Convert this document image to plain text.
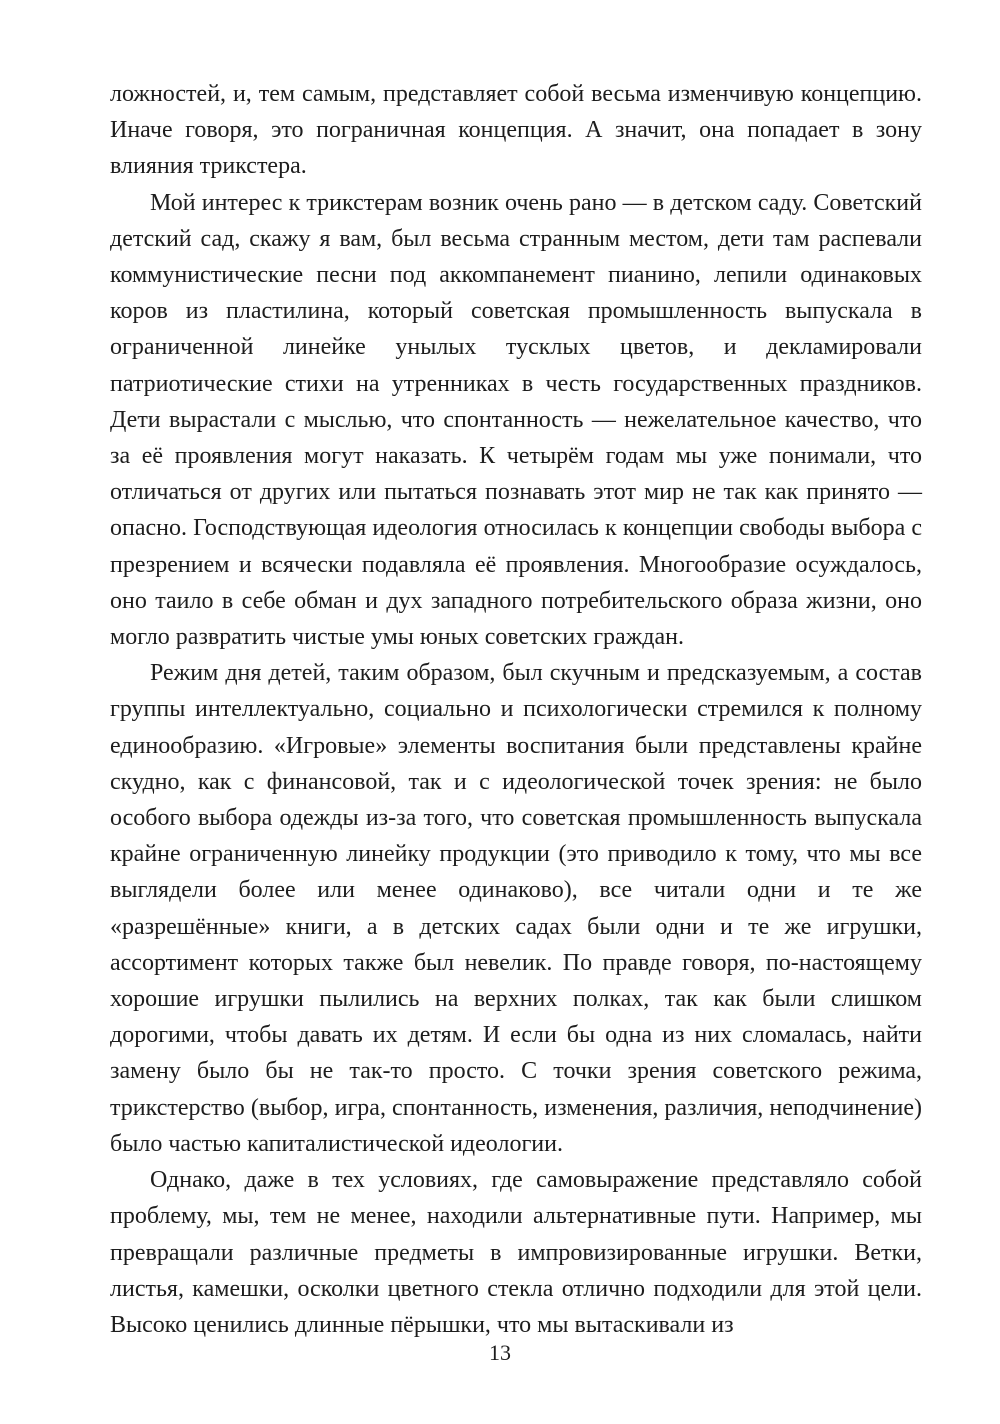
ложностей, и, тем самым, представляет собой весьма изменчивую концепцию. Иначе говоря, это пограничная концепция. А значит, она попадает в зону влияния трикстера.

Мой интерес к трикстерам возник очень рано — в детском саду. Советский детский сад, скажу я вам, был весьма странным местом, дети там распевали коммунистические песни под аккомпанемент пианино, лепили одинаковых коров из пластилина, который советская промышленность выпускала в ограниченной линейке унылых тусклых цветов, и декламировали патриотические стихи на утренниках в честь государственных праздников. Дети вырастали с мыслью, что спонтанность — нежелательное качество, что за её проявления могут наказать. К четырём годам мы уже понимали, что отличаться от других или пытаться познавать этот мир не так как принято — опасно. Господствующая идеология относилась к концепции свободы выбора с презрением и всячески подавляла её проявления. Многообразие осуждалось, оно таило в себе обман и дух западного потребительского образа жизни, оно могло развратить чистые умы юных советских граждан.

Режим дня детей, таким образом, был скучным и предсказуемым, а состав группы интеллектуально, социально и психологически стремился к полному единообразию. «Игровые» элементы воспитания были представлены крайне скудно, как с финансовой, так и с идеологической точек зрения: не было особого выбора одежды из-за того, что советская промышленность выпускала крайне ограниченную линейку продукции (это приводило к тому, что мы все выглядели более или менее одинаково), все читали одни и те же «разрешённые» книги, а в детских садах были одни и те же игрушки, ассортимент которых также был невелик. По правде говоря, по-настоящему хорошие игрушки пылились на верхних полках, так как были слишком дорогими, чтобы давать их детям. И если бы одна из них сломалась, найти замену было бы не так-то просто. С точки зрения советского режима, трикстерство (выбор, игра, спонтанность, изменения, различия, неподчинение) было частью капиталистической идеологии.

Однако, даже в тех условиях, где самовыражение представляло собой проблему, мы, тем не менее, находили альтернативные пути. Например, мы превращали различные предметы в импровизированные игрушки. Ветки, листья, камешки, осколки цветного стекла отлично подходили для этой цели. Высоко ценились длинные пёрышки, что мы вытаскивали из

13
